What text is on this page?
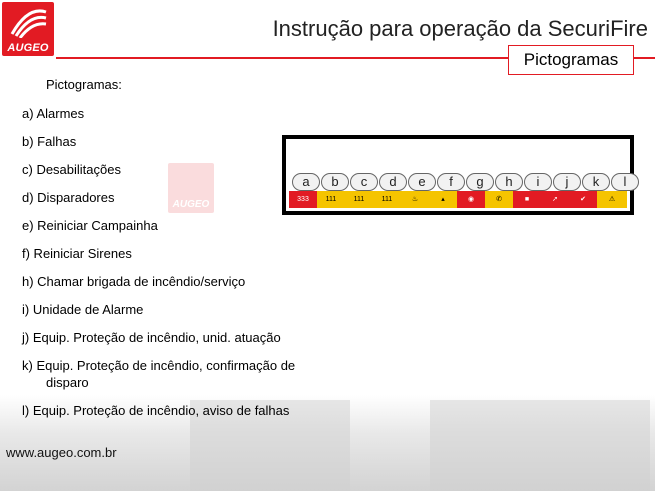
AUGEO
Instrução para operação da SecuriFire
Pictogramas
AUGEO
Pictogramas:
a) Alarmes
b) Falhas
c) Desabilitações
d) Disparadores
e) Reiniciar Campainha
f) Reiniciar Sirenes
h) Chamar brigada de incêndio/serviço
i) Unidade de Alarme
j) Equip. Proteção de incêndio, unid. atuação
k) Equip. Proteção de incêndio, confirmação de
disparo
l) Equip. Proteção de incêndio, aviso de falhas
a	b	c	d	e	f	g	h	i	j	k	l
333	111	111	111	♨	▴	◉	✆	■	➚	✔	⚠
www.augeo.com.br
